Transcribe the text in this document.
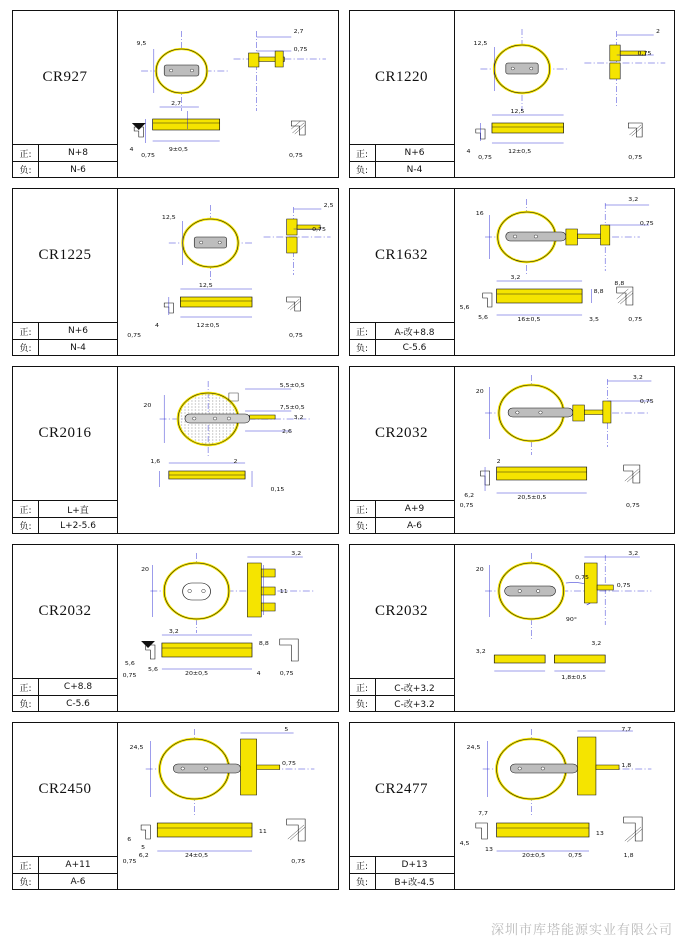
CR927
正:	N+8
负:	N-6
2,7
0,75
9,5
2,7
4
0,75
9±0,5
0,75
CR1220
正:	N+6
负:	N-4
2
12,5
0,75
12,5
4
0,75
12±0,5
0,75
CR1225
正:	N+6
负:	N-4
2,5
12,5
0,75
12,5
4	12±0,5
0,75	0,75
CR1632
正:	A-改+8.8
负:	C-5.6
3,2
16
0,75
3,2
8,8
8,8
5,6
5,6	16±0,5	3,5	0,75
CR2016
正:	L+直
负:	L+2-5.6
5,5±0,5
20	7,5±0,5
3,2
2,6
1,6	2
0,15
CR2032
正:	A+9
负:	A-6
3,2
20
0,75
2
6,2	20,5±0,5
0,75	0,75
CR2032
正:	C+8.8
负:	C-5.6
3,2
20
11
3,2
8,8
5,6
5,6
20±0,5	4
0,75	0,75
CR2032
正:	C-改+3.2
负:	C-改+3.2
3,2
20
0,75
0,75
90°
3,2
3,2
1,8±0,5
CR2450
正:	A+11
负:	A-6
5
24,5
0,75
6
5
24±0,5
11
6,2
0,75	0,75
CR2477
正:	D+13
负:	B+改-4.5
7,7
24,5
1,8
7,7
4,5
13
20±0,5
13
1,8
0,75
深圳市库塔能源实业有限公司
